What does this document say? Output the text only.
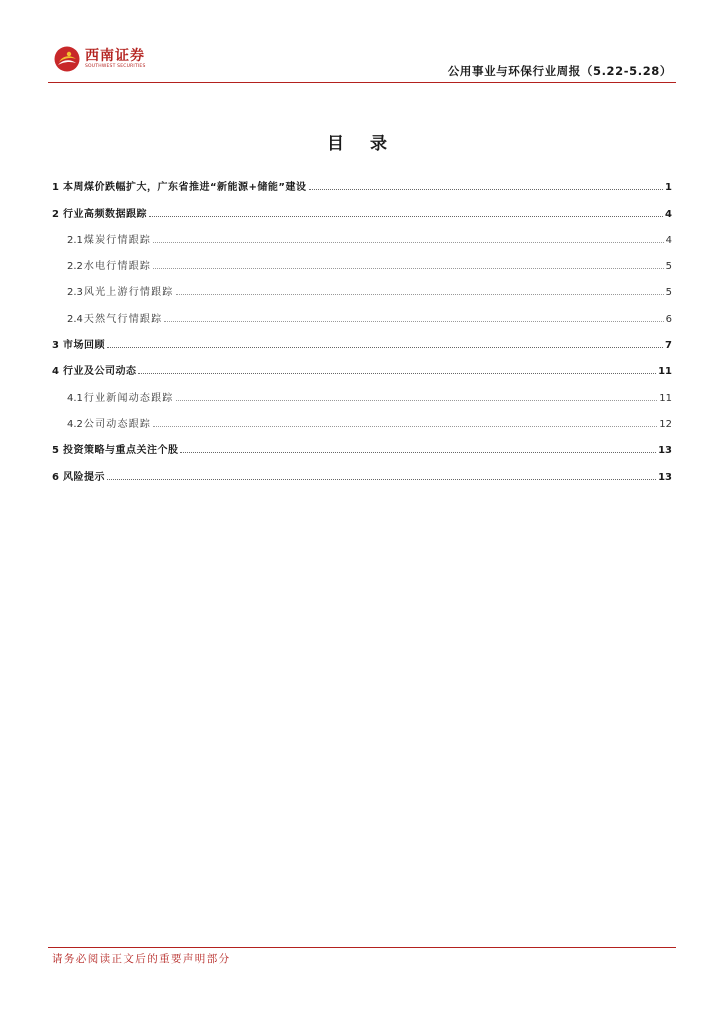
西南证券
SOUTHWEST SECURITIES	公用事业与环保行业周报（5.22-5.28）
目 录
1 本周煤价跌幅扩大，广东省推进“新能源+储能”建设	1
2 行业高频数据跟踪	4
2.1 煤炭行情跟踪	4
2.2 水电行情跟踪	5
2.3 风光上游行情跟踪	5
2.4 天然气行情跟踪	6
3 市场回顾	7
4 行业及公司动态	11
4.1 行业新闻动态跟踪	11
4.2 公司动态跟踪	12
5 投资策略与重点关注个股	13
6 风险提示	13
请务必阅读正文后的重要声明部分
